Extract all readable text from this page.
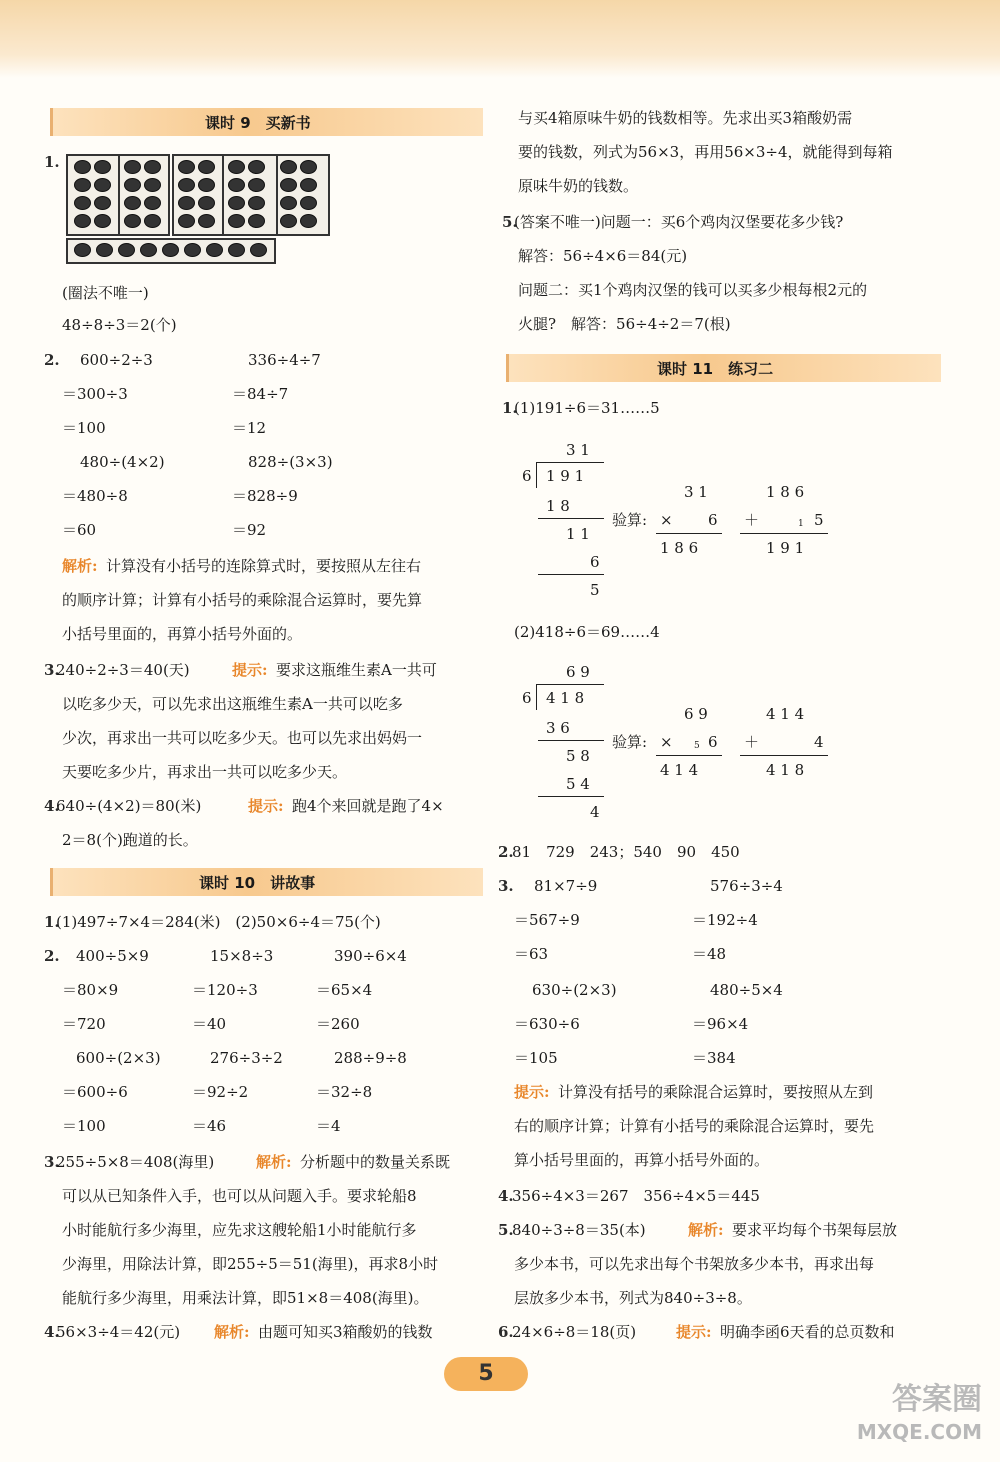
课时 9　买新书
1.
(圈法不唯一)
48÷8÷3＝2(个)
2. 600÷2÷3	336÷4÷7
＝300÷3	＝84÷7
＝100	＝12
480÷(4×2)	828÷(3×3)
＝480÷8	＝828÷9
＝60	＝92
解析: 计算没有小括号的连除算式时，要按照从左往右
的顺序计算；计算有小括号的乘除混合运算时，要先算
小括号里面的，再算小括号外面的。
3.
240÷2÷3＝40(天)	提示: 要求这瓶维生素A一共可
以吃多少天，可以先求出这瓶维生素A一共可以吃多
少次，再求出一共可以吃多少天。也可以先求出妈妈一
天要吃多少片，再求出一共可以吃多少天。
4.
640÷(4×2)＝80(米)	提示: 跑4个来回就是跑了4×
2＝8(个)跑道的长。
课时 10　讲故事
1.
(1)497÷7×4＝284(米)　(2)50×6÷4＝75(个)
2. 400÷5×9	15×8÷3	390÷6×4
＝80×9	＝120÷3	＝65×4
＝720	＝40	＝260
600÷(2×3)	276÷3÷2	288÷9÷8
＝600÷6	＝92÷2	＝32÷8
＝100	＝46	＝4
3.
255÷5×8＝408(海里)	解析: 分析题中的数量关系既
可以从已知条件入手，也可以从问题入手。要求轮船8
小时能航行多少海里，应先求这艘轮船1小时能航行多
少海里，用除法计算，即255÷5＝51(海里)，再求8小时
能航行多少海里，用乘法计算，即51×8＝408(海里)。
4.
56×3÷4＝42(元) 解析: 由题可知买3箱酸奶的钱数
与买4箱原味牛奶的钱数相等。先求出买3箱酸奶需
要的钱数，列式为56×3，再用56×3÷4，就能得到每箱
原味牛奶的钱数。
5.
(答案不唯一)问题一：买6个鸡肉汉堡要花多少钱?
解答：56÷4×6＝84(元)
问题二：买1个鸡肉汉堡的钱可以买多少根每根2元的
火腿?　解答：56÷4÷2＝7(根)
课时 11　练习二
1.
(1)191÷6＝31……5
3 1
6 1 9 1
1 8
1 1
6
5
验算:
3 1
× 6
1 8 6
1 8 6
＋	1 5
1 9 1
(2)418÷6＝69……4
6 9
6 4 1 8
3 6
5 8
5 4
4
验算:
6 9
× 5 6
4 1 4
4 1 4
＋	4
4 1 8
2.
81　729　243；540　90　450
3. 81×7÷9	576÷3÷4
＝567÷9	＝192÷4
＝63	＝48
630÷(2×3)	480÷5×4
＝630÷6	＝96×4
＝105	＝384
提示: 计算没有括号的乘除混合运算时，要按照从左到
右的顺序计算；计算有小括号的乘除混合运算时，要先
算小括号里面的，再算小括号外面的。
4.
356÷4×3＝267　356÷4×5＝445
5.
840÷3÷8＝35(本)	解析: 要求平均每个书架每层放
多少本书，可以先求出每个书架放多少本书，再求出每
层放多少本书，列式为840÷3÷8。
6.
24×6÷8＝18(页)	提示: 明确李函6天看的总页数和
5
答案圈
MXQE.COM
